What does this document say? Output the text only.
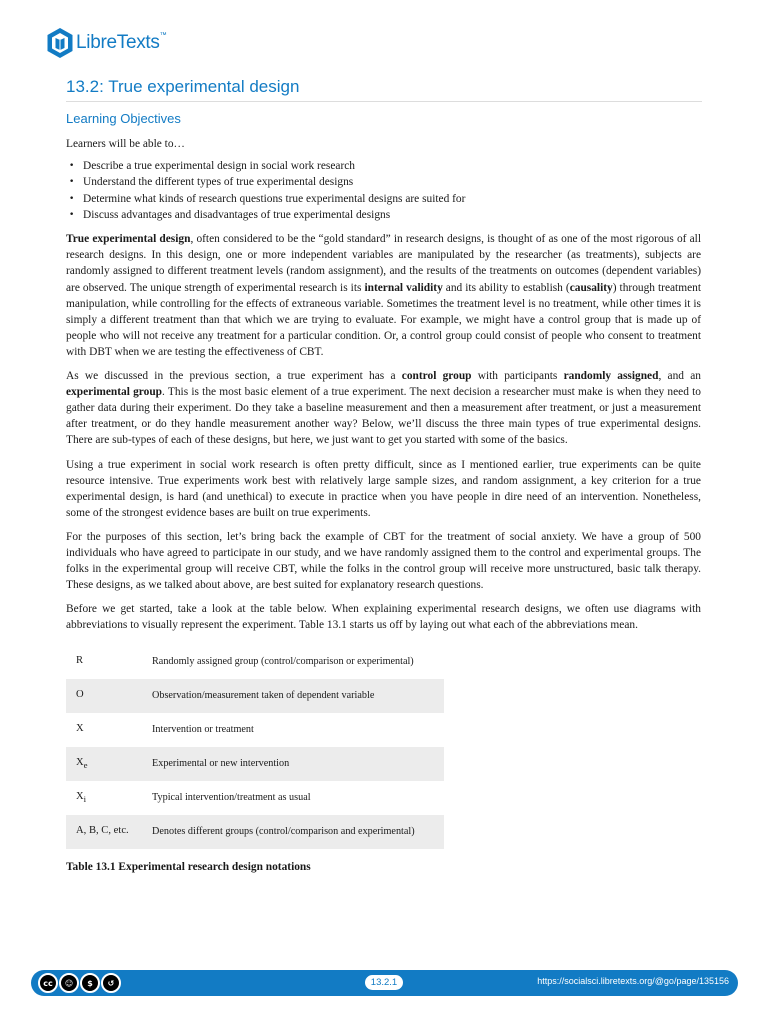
LibreTexts™
13.2: True experimental design
Learning Objectives

Learners will be able to…

• Describe a true experimental design in social work research
• Understand the different types of true experimental designs
• Determine what kinds of research questions true experimental designs are suited for
• Discuss advantages and disadvantages of true experimental designs

True experimental design, often considered to be the “gold standard” in research designs, is thought of as one of the most rigorous of all research designs. In this design, one or more independent variables are manipulated by the researcher (as treatments), subjects are randomly assigned to different treatment levels (random assignment), and the results of the treatments on outcomes (dependent variables) are observed. The unique strength of experimental research is its internal validity and its ability to establish (causality) through treatment manipulation, while controlling for the effects of extraneous variable. Sometimes the treatment level is no treatment, while other times it is simply a different treatment than that which we are trying to evaluate. For example, we might have a control group that is made up of people who will not receive any treatment for a particular condition. Or, a control group could consist of people who consent to treatment with DBT when we are testing the effectiveness of CBT.

As we discussed in the previous section, a true experiment has a control group with participants randomly assigned, and an experimental group. This is the most basic element of a true experiment. The next decision a researcher must make is when they need to gather data during their experiment. Do they take a baseline measurement and then a measurement after treatment, or just a measurement after treatment, or do they handle measurement another way? Below, we’ll discuss the three main types of true experimental designs. There are sub-types of each of these designs, but here, we just want to get you started with some of the basics.

Using a true experiment in social work research is often pretty difficult, since as I mentioned earlier, true experiments can be quite resource intensive. True experiments work best with relatively large sample sizes, and random assignment, a key criterion for a true experimental design, is hard (and unethical) to execute in practice when you have people in dire need of an intervention. Nonetheless, some of the strongest evidence bases are built on true experiments.

For the purposes of this section, let’s bring back the example of CBT for the treatment of social anxiety. We have a group of 500 individuals who have agreed to participate in our study, and we have randomly assigned them to the control and experimental groups. The folks in the experimental group will receive CBT, while the folks in the control group will receive more unstructured, basic talk therapy. These designs, as we talked about above, are best suited for explanatory research questions.

Before we get started, take a look at the table below. When explaining experimental research designs, we often use diagrams with abbreviations to visually represent the experiment. Table 13.1 starts us off by laying out what each of the abbreviations mean.

R	Randomly assigned group (control/comparison or experimental)
O	Observation/measurement taken of dependent variable
X	Intervention or treatment
$X_e$	Experimental or new intervention
$X_i$	Typical intervention/treatment as usual
A, B, C, etc.	Denotes different groups (control/comparison and experimental)
Table 13.1 Experimental research design notations
cc	☺	$	↺	13.2.1	https://socialsci.libretexts.org/@go/page/135156
